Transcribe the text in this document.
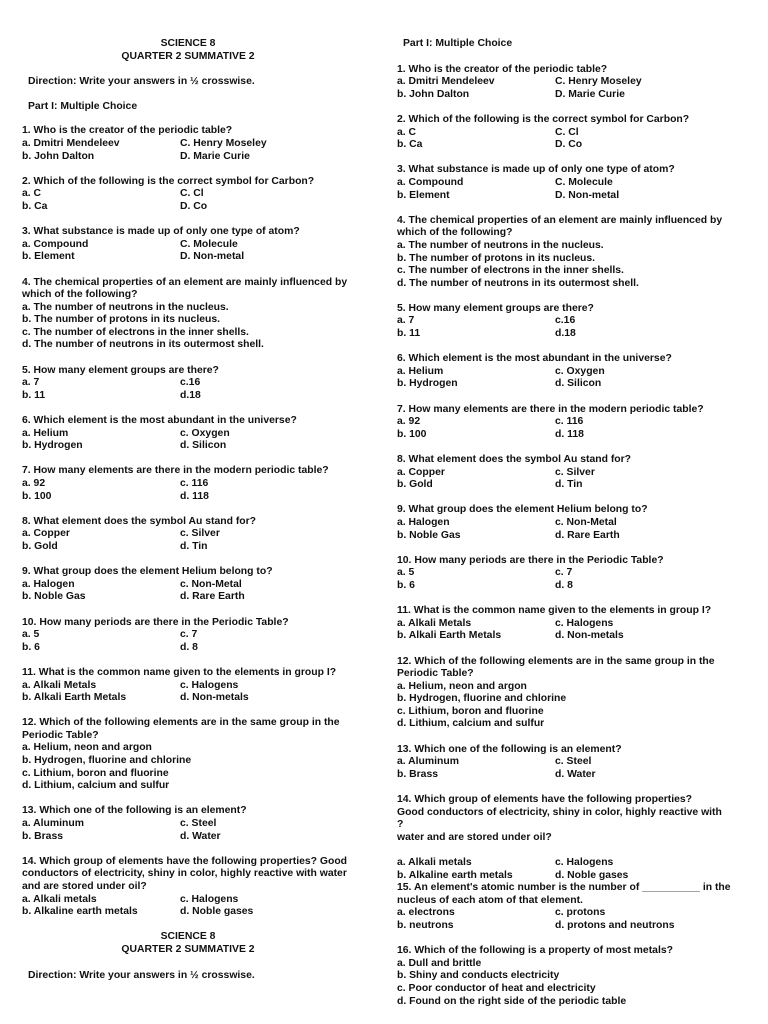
SCIENCE 8
QUARTER 2 SUMMATIVE 2
Direction: Write your answers in ½ crosswise.
Part I: Multiple Choice

1. Who is the creator of the periodic table?

a. Dmitri Mendeleev	C. Henry Moseley
b. John Dalton	D. Marie Curie

2. Which of the following is the correct symbol for Carbon?

a. C	C. Cl
b. Ca	D. Co

3. What substance is made up of only one type of atom?

a. Compound	C. Molecule
b. Element	D. Non-metal

4. The chemical properties of an element are mainly influenced by which of the following?

a. The number of neutrons in the nucleus.
b. The number of protons in its nucleus.
c. The number of electrons in the inner shells.
d. The number of neutrons in its outermost shell.

5. How many element groups are there?

a. 7	c.16
b. 11	d.18

6. Which element is the most abundant in the universe?

a. Helium	c. Oxygen
b. Hydrogen	d. Silicon

7. How many elements are there in the modern periodic table?

a. 92	c. 116
b. 100	d. 118

8. What element does the symbol Au stand for?

a. Copper	c. Silver
b. Gold	d. Tin

9. What group does the element Helium belong to?

a. Halogen	c. Non-Metal
b. Noble Gas	d. Rare Earth

10. How many periods are there in the Periodic Table?

a. 5	c. 7
b. 6	d. 8

11. What is the common name given to the elements in group I?

a. Alkali Metals	c. Halogens
b. Alkali Earth Metals	d. Non-metals

12. Which of the following elements are in the same group in the Periodic Table?

a. Helium, neon and argon
b. Hydrogen, fluorine and chlorine
c. Lithium, boron and fluorine
d. Lithium, calcium and sulfur

13. Which one of the following is an element?

a. Aluminum	c. Steel
b. Brass	d. Water

14. Which group of elements have the following properties? Good conductors of electricity, shiny in color, highly reactive with water and are stored under oil?

a. Alkali metals	c. Halogens
b. Alkaline earth metals	d. Noble gases
SCIENCE 8
QUARTER 2 SUMMATIVE 2
Direction: Write your answers in ½ crosswise.
Part I: Multiple Choice

1. Who is the creator of the periodic table?

a. Dmitri Mendeleev	C. Henry Moseley
b. John Dalton	D. Marie Curie

2. Which of the following is the correct symbol for Carbon?

a. C	C. Cl
b. Ca	D. Co

3. What substance is made up of only one type of atom?

a. Compound	C. Molecule
b. Element	D. Non-metal

4. The chemical properties of an element are mainly influenced by which of the following?

a. The number of neutrons in the nucleus.
b. The number of protons in its nucleus.
c. The number of electrons in the inner shells.
d. The number of neutrons in its outermost shell.

5. How many element groups are there?

a. 7	c.16
b. 11	d.18

6. Which element is the most abundant in the universe?

a. Helium	c. Oxygen
b. Hydrogen	d. Silicon

7. How many elements are there in the modern periodic table?

a. 92	c. 116
b. 100	d. 118

8. What element does the symbol Au stand for?

a. Copper	c. Silver
b. Gold	d. Tin

9. What group does the element Helium belong to?

a. Halogen	c. Non-Metal
b. Noble Gas	d. Rare Earth

10. How many periods are there in the Periodic Table?

a. 5	c. 7
b. 6	d. 8

11. What is the common name given to the elements in group I?

a. Alkali Metals	c. Halogens
b. Alkali Earth Metals	d. Non-metals

12. Which of the following elements are in the same group in the Periodic Table?

a. Helium, neon and argon
b. Hydrogen, fluorine and chlorine
c. Lithium, boron and fluorine
d. Lithium, calcium and sulfur

13. Which one of the following is an element?

a. Aluminum	c. Steel
b. Brass	d. Water

14. Which group of elements have the following properties?

Good conductors of electricity, shiny in color, highly reactive with

?

water and are stored under oil?

a. Alkali metals	c. Halogens
b. Alkaline earth metals	d. Noble gases

15. An element's atomic number is the number of __________ in the nucleus of each atom of that element.

a. electrons	c. protons
b. neutrons	d. protons and neutrons

16. Which of the following is a property of most metals?

a. Dull and brittle
b. Shiny and conducts electricity
c. Poor conductor of heat and electricity
d. Found on the right side of the periodic table
